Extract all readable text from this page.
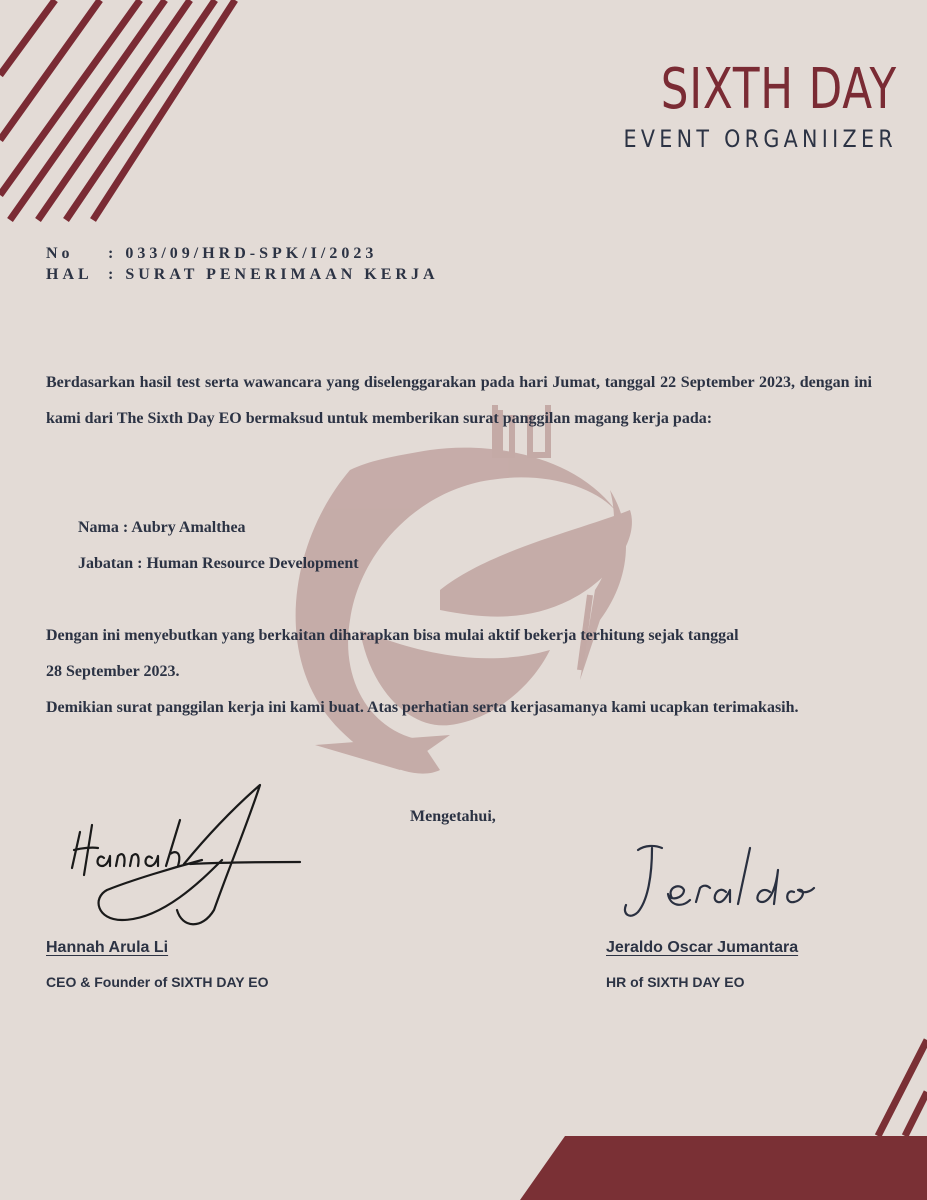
SIXTH DAY
EVENT ORGANIIZER
No : 033/09/HRD-SPK/I/2023
HAL : SURAT PENERIMAAN KERJA
Berdasarkan hasil test serta wawancara yang diselenggarakan pada hari Jumat, tanggal 22 September 2023, dengan ini kami dari The Sixth Day EO bermaksud untuk memberikan surat panggilan magang kerja pada:
Nama : Aubry Amalthea
Jabatan : Human Resource Development
Dengan ini menyebutkan yang berkaitan diharapkan bisa mulai aktif bekerja terhitung sejak tanggal
28 September 2023.
Demikian surat panggilan kerja ini kami buat. Atas perhatian serta kerjasamanya kami ucapkan terimakasih.
Mengetahui,
Hannah
Hannah Arula Li
CEO & Founder of SIXTH DAY EO
Jeraldo
Jeraldo Oscar Jumantara
HR of SIXTH DAY EO
